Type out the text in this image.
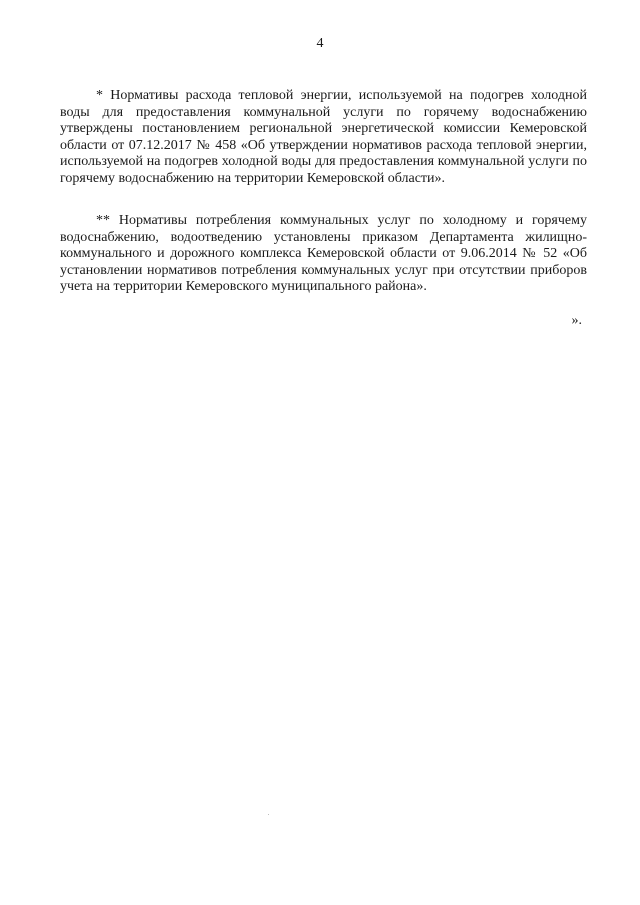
4

* Нормативы расхода тепловой энергии, используемой на подогрев холодной воды для предоставления коммунальной услуги по горячему водоснабжению утверждены постановлением региональной энергетической комиссии Кемеровской области от 07.12.2017 № 458 «Об утверждении нормативов расхода тепловой энергии, используемой на подогрев холодной воды для предоставления коммунальной услуги по горячему водоснабжению на территории Кемеровской области».

** Нормативы потребления коммунальных услуг по холодному и горячему водоснабжению, водоотведению установлены приказом Департамента жилищно-коммунального и дорожного комплекса Кемеровской области от 9.06.2014 № 52 «Об установлении нормативов потребления коммунальных услуг при отсутствии приборов учета на территории Кемеровского муниципального района».

».
